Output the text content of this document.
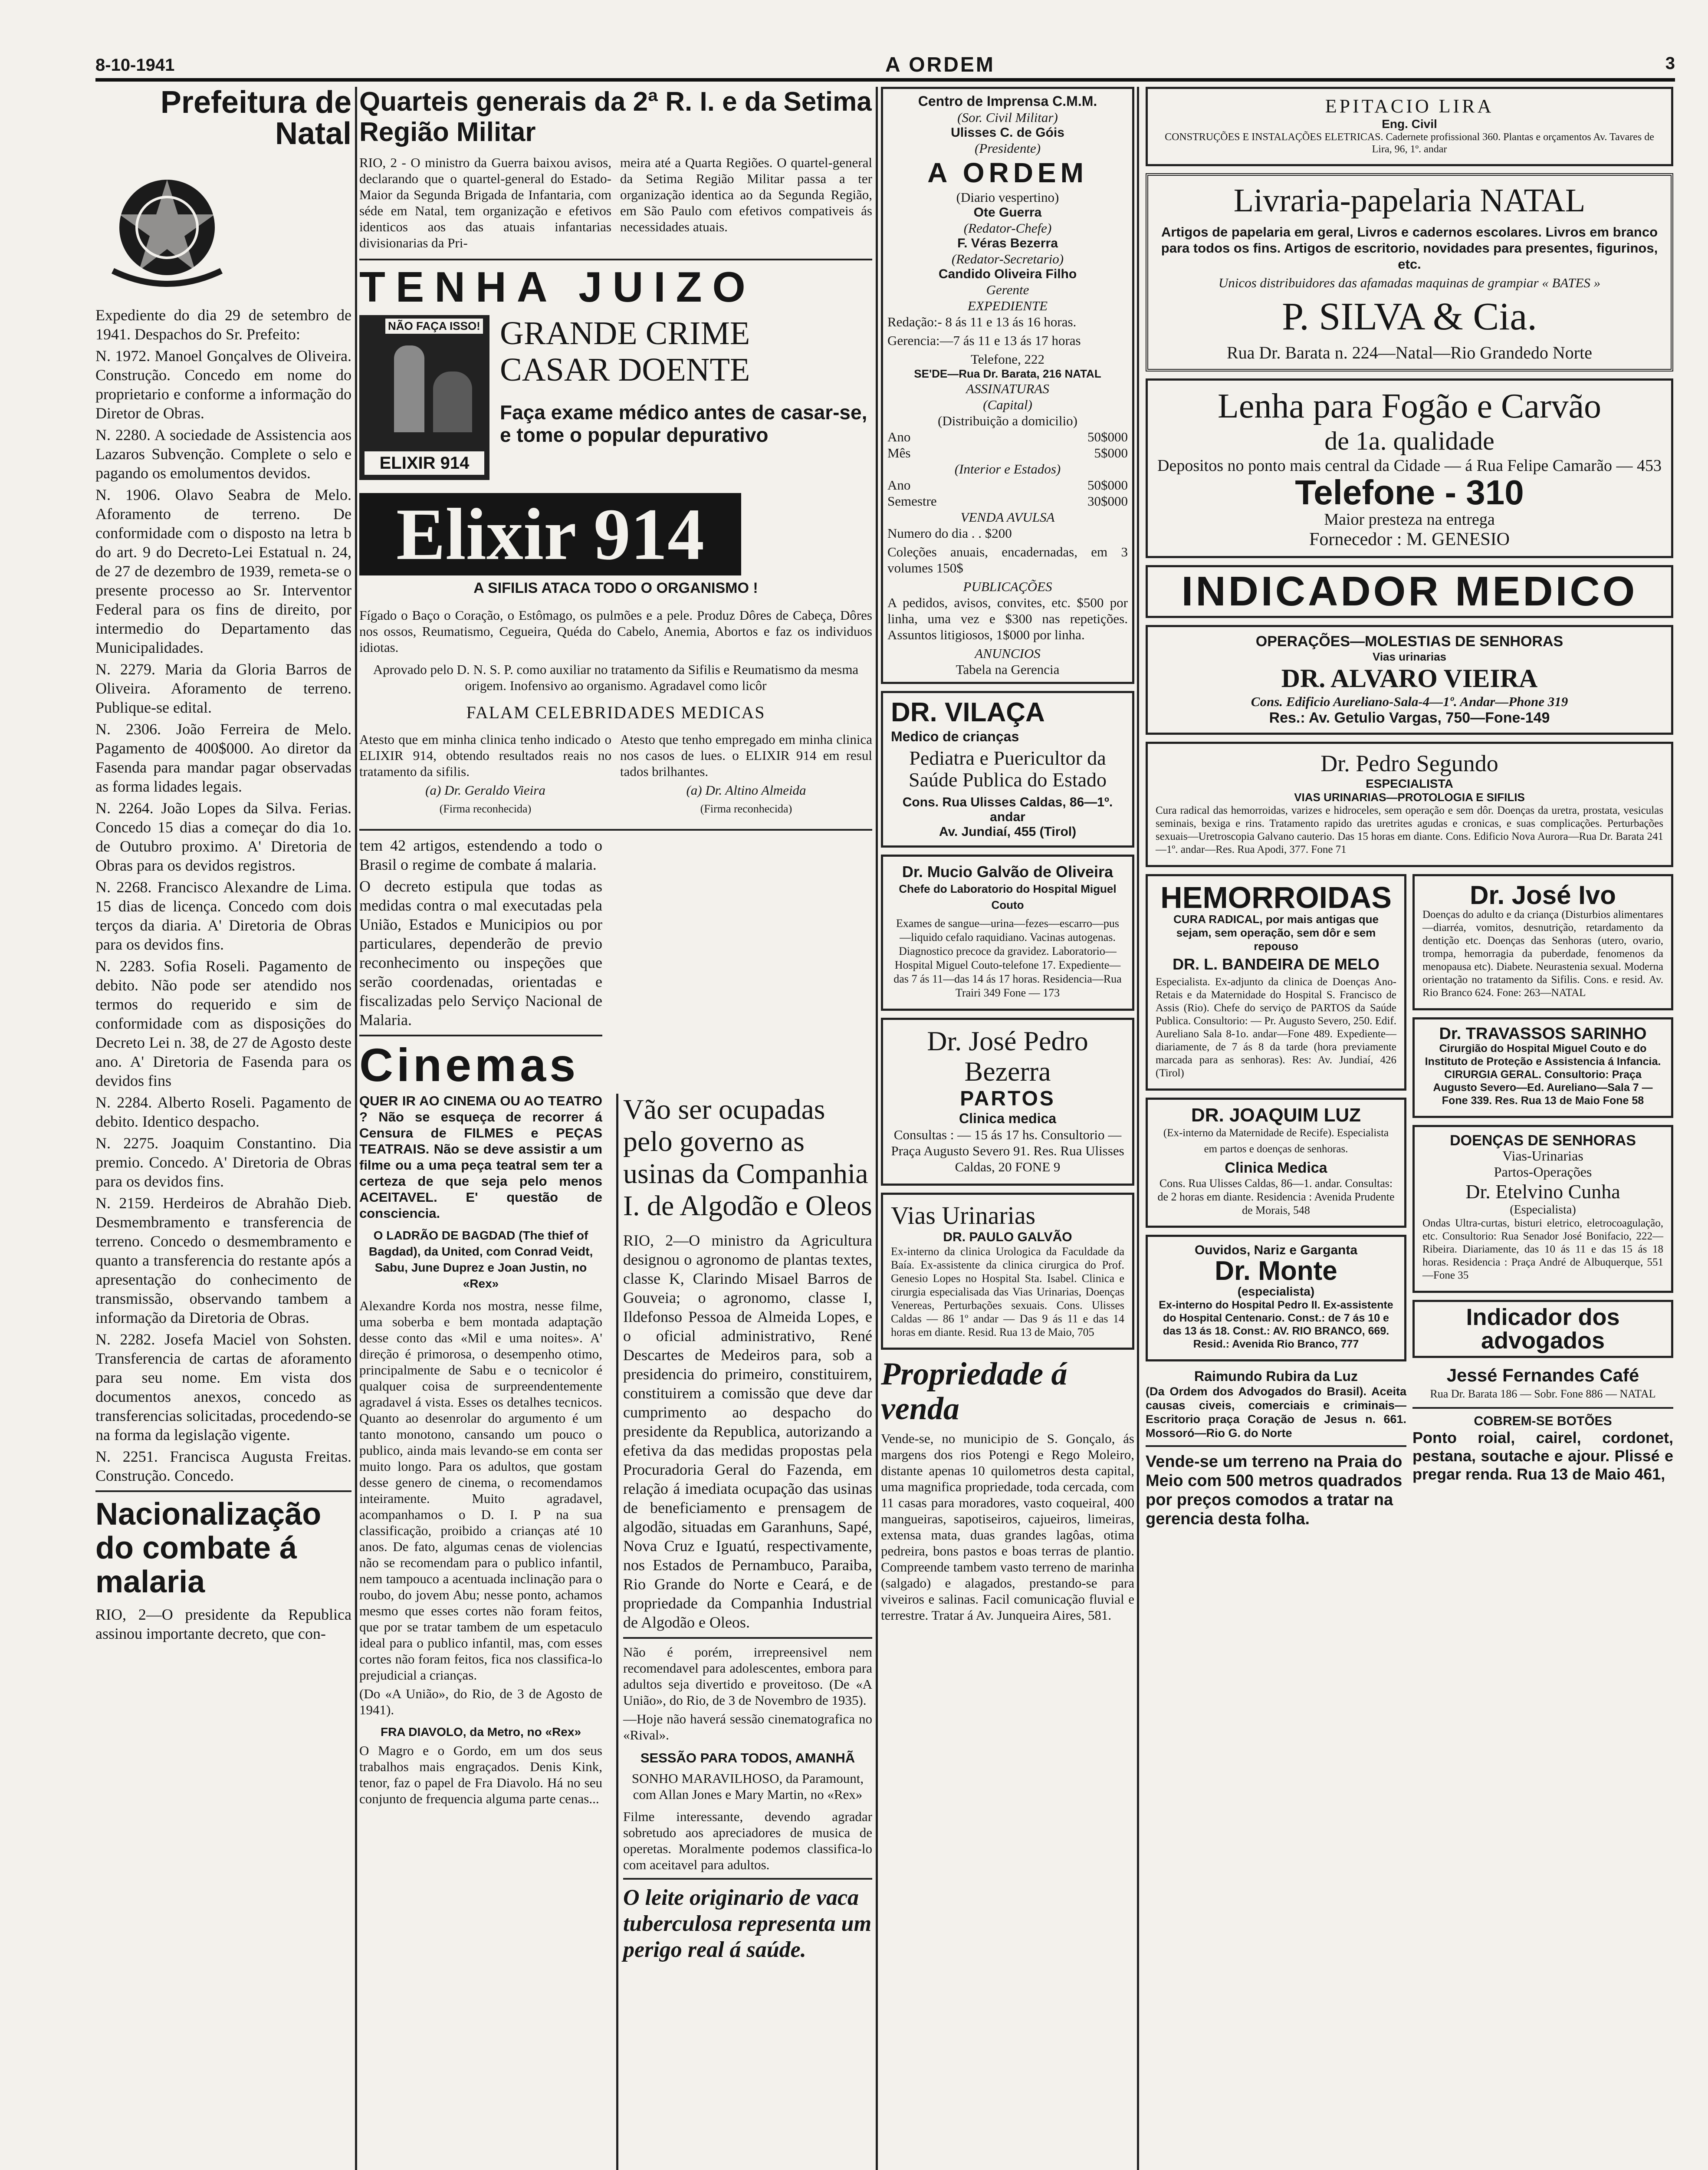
8-10-1941	A ORDEM	3
Prefeitura de Natal

Expediente do dia 29 de setembro de 1941. Despachos do Sr. Prefeito:

N. 1972. Manoel Gonçalves de Oliveira. Construção. Concedo em nome do proprietario e conforme a informação do Diretor de Obras.

N. 2280. A sociedade de Assistencia aos Lazaros Subvenção. Complete o selo e pagando os emolumentos devidos.

N. 1906. Olavo Seabra de Melo. Aforamento de terreno. De conformidade com o disposto na letra b do art. 9 do Decreto-Lei Estatual n. 24, de 27 de dezembro de 1939, remeta-se o presente processo ao Sr. Interventor Federal para os fins de direito, por intermedio do Departamento das Municipalidades.

N. 2279. Maria da Gloria Barros de Oliveira. Aforamento de terreno. Publique-se edital.

N. 2306. João Ferreira de Melo. Pagamento de 400$000. Ao diretor da Fasenda para mandar pagar observadas as forma lidades legais.

N. 2264. João Lopes da Silva. Ferias. Concedo 15 dias a começar do dia 1o. de Outubro proximo. A' Diretoria de Obras para os devidos registros.

N. 2268. Francisco Alexandre de Lima. 15 dias de licença. Concedo com dois terços da diaria. A' Diretoria de Obras para os devidos fins.

N. 2283. Sofia Roseli. Pagamento de debito. Não pode ser atendido nos termos do requerido e sim de conformidade com as disposições do Decreto Lei n. 38, de 27 de Agosto deste ano. A' Diretoria de Fasenda para os devidos fins

N. 2284. Alberto Roseli. Pagamento de debito. Identico despacho.

N. 2275. Joaquim Constantino. Dia premio. Concedo. A' Diretoria de Obras para os devidos fins.

N. 2159. Herdeiros de Abrahão Dieb. Desmembramento e transferencia de terreno. Concedo o desmembramento e quanto a transferencia do restante após a apresentação do conhecimento de transmissão, observando tambem a informação da Diretoria de Obras.

N. 2282. Josefa Maciel von Sohsten. Transferencia de cartas de aforamento para seu nome. Em vista dos documentos anexos, concedo as transferencias solicitadas, procedendo-se na forma da legislação vigente.

N. 2251. Francisca Augusta Freitas. Construção. Concedo.

Nacionalização do combate á malaria

RIO, 2—O presidente da Republica assinou importante decreto, que con-

Quarteis generais da 2ª R. I. e da Setima Região Militar

RIO, 2 - O ministro da Guerra baixou avisos, declarando que o quartel-general do Estado-Maior da Segunda Brigada de Infantaria, com séde em Natal, tem organização e efetivos identicos aos das atuais infantarias divisionarias da Pri-

meira até a Quarta Regiões. O quartel-general da Setima Região Militar passa a ter organização identica ao da Segunda Região, em São Paulo com efetivos compativeis ás necessidades atuais.

TENHA JUIZO
NÃO FAÇA ISSO!
ELIXIR 914
GRANDE CRIME
CASAR DOENTE
Faça exame médico antes de casar-se, e tome o popular depurativo
Elixir 914
A SIFILIS ATACA TODO O ORGANISMO !

Fígado o Baço o Coração, o Estômago, os pulmões e a pele. Produz Dôres de Cabeça, Dôres nos ossos, Reumatismo, Cegueira, Quéda do Cabelo, Anemia, Abortos e faz os individuos idiotas.

Aprovado pelo D. N. S. P. como auxiliar no tratamento da Sifilis e Reumatismo da mesma origem. Inofensivo ao organismo. Agradavel como licôr

FALAM CELEBRIDADES MEDICAS

Atesto que em minha clinica tenho indicado o ELIXIR 914, obtendo resultados reais no tratamento da sifilis.

(a) Dr. Geraldo Vieira

(Firma reconhecida)

Atesto que tenho empregado em minha clinica nos casos de lues. o ELIXIR 914 em resul tados brilhantes.

(a) Dr. Altino Almeida

(Firma reconhecida)

tem 42 artigos, estendendo a todo o Brasil o regime de combate á malaria.

O decreto estipula que todas as medidas contra o mal executadas pela União, Estados e Municipios ou por particulares, dependerão de previo reconhecimento ou inspeções que serão coordenadas, orientadas e fiscalizadas pelo Serviço Nacional de Malaria.

Cinemas

QUER IR AO CINEMA OU AO TEATRO ? Não se esqueça de recorrer á Censura de FILMES e PEÇAS TEATRAIS. Não se deve assistir a um filme ou a uma peça teatral sem ter a certeza de que seja pelo menos ACEITAVEL. E' questão de consciencia.

O LADRÃO DE BAGDAD (The thief of Bagdad), da United, com Conrad Veidt, Sabu, June Duprez e Joan Justin, no «Rex»

Alexandre Korda nos mostra, nesse filme, uma soberba e bem montada adaptação desse conto das «Mil e uma noites». A' direção é primorosa, o desempenho otimo, principalmente de Sabu e o tecnicolor é qualquer coisa de surpreendentemente agradavel á vista. Esses os detalhes tecnicos. Quanto ao desenrolar do argumento é um tanto monotono, cansando um pouco o publico, ainda mais levando-se em conta ser muito longo. Para os adultos, que gostam desse genero de cinema, o recomendamos inteiramente. Muito agradavel, acompanhamos o D. I. P na sua classificação, proibido a crianças até 10 anos. De fato, algumas cenas de violencias não se recomendam para o publico infantil, nem tampouco a acentuada inclinação para o roubo, do jovem Abu; nesse ponto, achamos mesmo que esses cortes não foram feitos, que por se tratar tambem de um espetaculo ideal para o publico infantil, mas, com esses cortes não foram feitos, fica nos classifica-lo prejudicial a crianças.

(Do «A União», do Rio, de 3 de Agosto de 1941).

FRA DIAVOLO, da Metro, no «Rex»

O Magro e o Gordo, em um dos seus trabalhos mais engraçados. Denis Kink, tenor, faz o papel de Fra Diavolo. Há no seu conjunto de frequencia alguma parte cenas...

Vão ser ocupadas pelo governo as usinas da Companhia I. de Algodão e Oleos

RIO, 2—O ministro da Agricultura designou o agronomo de plantas textes, classe K, Clarindo Misael Barros de Gouveia; o agronomo, classe I, Ildefonso Pessoa de Almeida Lopes, e o oficial administrativo, René Descartes de Medeiros para, sob a presidencia do primeiro, constituirem, constituirem a comissão que deve dar cumprimento ao despacho do presidente da Republica, autorizando a efetiva da das medidas propostas pela Procuradoria Geral do Fazenda, em relação á imediata ocupação das usinas de beneficiamento e prensagem de algodão, situadas em Garanhuns, Sapé, Nova Cruz e Iguatú, respectivamente, nos Estados de Pernambuco, Paraiba, Rio Grande do Norte e Ceará, e de propriedade da Companhia Industrial de Algodão e Oleos.

Não é porém, irrepreensivel nem recomendavel para adolescentes, embora para adultos seja divertido e proveitoso. (De «A União», do Rio, de 3 de Novembro de 1935).

—Hoje não haverá sessão cinematografica no «Rival».

SESSÃO PARA TODOS, AMANHÃ

SONHO MARAVILHOSO, da Paramount, com Allan Jones e Mary Martin, no «Rex»

Filme interessante, devendo agradar sobretudo aos apreciadores de musica de operetas. Moralmente podemos classifica-lo com aceitavel para adultos.

O leite originario de vaca tuberculosa representa um perigo real á saúde.
Centro de Imprensa C.M.M.
(Sor. Civil Militar)
Ulisses C. de Góis
(Presidente)
A ORDEM
(Diario vespertino)
Ote Guerra
(Redator-Chefe)
F. Véras Bezerra
(Redator-Secretario)
Candido Oliveira Filho
Gerente
EXPEDIENTE

Redação:- 8 ás 11 e 13 ás 16 horas.

Gerencia:—7 ás 11 e 13 ás 17 horas

Telefone, 222
SE'DE—Rua Dr. Barata, 216 NATAL
ASSINATURAS
(Capital)
(Distribuição a domicilio)
Ano	50$000
Mês	5$000
(Interior e Estados)
Ano	50$000
Semestre	30$000
VENDA AVULSA

Numero do dia . . $200

Coleções anuais, encadernadas, em 3 volumes 150$

PUBLICAÇÕES

A pedidos, avisos, convites, etc. $500 por linha, uma vez e $300 nas repetições. Assuntos litigiosos, 1$000 por linha.

ANUNCIOS
Tabela na Gerencia
DR. VILAÇA
Medico de crianças
Pediatra e Puericultor da Saúde Publica do Estado
Cons. Rua Ulisses Caldas, 86—1º. andar
Av. Jundiaí, 455 (Tirol)
Dr. Mucio Galvão de Oliveira
Chefe do Laboratorio do Hospital Miguel Couto

Exames de sangue—urina—fezes—escarro—pus—liquido cefalo raquidiano. Vacinas autogenas. Diagnostico precoce da gravidez. Laboratorio—Hospital Miguel Couto-telefone 17. Expediente—das 7 ás 11—das 14 ás 17 horas. Residencia—Rua Trairi 349 Fone — 173

Dr. José Pedro Bezerra
PARTOS
Clinica medica

Consultas : — 15 ás 17 hs. Consultorio — Praça Augusto Severo 91. Res. Rua Ulisses Caldas, 20 FONE 9

Vias Urinarias
DR. PAULO GALVÃO

Ex-interno da clinica Urologica da Faculdade da Baía. Ex-assistente da clinica cirurgica do Prof. Genesio Lopes no Hospital Sta. Isabel. Clinica e cirurgia especialisada das Vias Urinarias, Doenças Venereas, Perturbações sexuais. Cons. Ulisses Caldas — 86 1º andar — Das 9 ás 11 e das 14 horas em diante. Resid. Rua 13 de Maio, 705

Propriedade á venda

Vende-se, no municipio de S. Gonçalo, ás margens dos rios Potengi e Rego Moleiro, distante apenas 10 quilometros desta capital, uma magnifica propriedade, toda cercada, com 11 casas para moradores, vasto coqueiral, 400 mangueiras, sapotiseiros, cajueiros, limeiras, extensa mata, duas grandes lagôas, otima pedreira, bons pastos e boas terras de plantio. Compreende tambem vasto terreno de marinha (salgado) e alagados, prestando-se para viveiros e salinas. Facil comunicação fluvial e terrestre. Tratar á Av. Junqueira Aires, 581.

EPITACIO LIRA
Eng. Civil

CONSTRUÇÕES E INSTALAÇÕES ELETRICAS. Cadernete profissional 360. Plantas e orçamentos Av. Tavares de Lira, 96, 1º. andar

Livraria-papelaria NATAL

Artigos de papelaria em geral, Livros e cadernos escolares. Livros em branco para todos os fins. Artigos de escritorio, novidades para presentes, figurinos, etc.

Unicos distribuidores das afamadas maquinas de grampiar « BATES »

P. SILVA & Cia.
Rua Dr. Barata n. 224—Natal—Rio Grandedo Norte
Lenha para Fogão e Carvão
de 1a. qualidade
Depositos no ponto mais central da Cidade — á Rua Felipe Camarão — 453
Telefone - 310
Maior presteza na entrega
Fornecedor : M. GENESIO
INDICADOR MEDICO
OPERAÇÕES—MOLESTIAS DE SENHORAS
Vias urinarias
DR. ALVARO VIEIRA
Cons. Edificio Aureliano-Sala-4—1º. Andar—Phone 319
Res.: Av. Getulio Vargas, 750—Fone-149
Dr. Pedro Segundo
ESPECIALISTA
VIAS URINARIAS—PROTOLOGIA E SIFILIS

Cura radical das hemorroidas, varizes e hidroceles, sem operação e sem dôr. Doenças da uretra, prostata, vesiculas seminais, bexiga e rins. Tratamento rapido das uretrites agudas e cronicas, e suas complicações. Perturbações sexuais—Uretroscopia Galvano cauterio. Das 15 horas em diante. Cons. Edificio Nova Aurora—Rua Dr. Barata 241—1º. andar—Res. Rua Apodi, 377. Fone 71

HEMORROIDAS

CURA RADICAL, por mais antigas que sejam, sem operação, sem dôr e sem repouso

DR. L. BANDEIRA DE MELO

Especialista. Ex-adjunto da clinica de Doenças Ano-Retais e da Maternidade do Hospital S. Francisco de Assis (Rio). Chefe do serviço de PARTOS da Saúde Publica. Consultorio: — Pr. Augusto Severo, 250. Edif. Aureliano Sala 8-1o. andar—Fone 489. Expediente—diariamente, de 7 ás 8 da tarde (hora previamente marcada para as senhoras). Res: Av. Jundiaí, 426 (Tirol)

DR. JOAQUIM LUZ

(Ex-interno da Maternidade de Recife). Especialista em partos e doenças de senhoras.

Clinica Medica

Cons. Rua Ulisses Caldas, 86—1. andar. Consultas: de 2 horas em diante. Residencia : Avenida Prudente de Morais, 548

Ouvidos, Nariz e Garganta
Dr. Monte
(especialista)

Ex-interno do Hospital Pedro II. Ex-assistente do Hospital Centenario. Const.: de 7 ás 10 e das 13 ás 18. Const.: AV. RIO BRANCO, 669. Resid.: Avenida Rio Branco, 777

Raimundo Rubira da Luz

(Da Ordem dos Advogados do Brasil). Aceita causas civeis, comerciais e criminais—Escritorio praça Coração de Jesus n. 661. Mossoró—Rio G. do Norte

Vende-se um terreno na Praia do Meio com 500 metros quadrados por preços comodos a tratar na gerencia desta folha.
Dr. José Ivo

Doenças do adulto e da criança (Disturbios alimentares—diarréa, vomitos, desnutrição, retardamento da dentição etc. Doenças das Senhoras (utero, ovario, trompa, hemorragia da puberdade, fenomenos da menopausa etc). Diabete. Neurastenia sexual. Moderna orientação no tratamento da Sifilis. Cons. e resid. Av. Rio Branco 624. Fone: 263—NATAL

Dr. TRAVASSOS SARINHO

Cirurgião do Hospital Miguel Couto e do Instituto de Proteção e Assistencia á Infancia. CIRURGIA GERAL. Consultorio: Praça Augusto Severo—Ed. Aureliano—Sala 7 — Fone 339. Res. Rua 13 de Maio Fone 58

DOENÇAS DE SENHORAS
Vias-Urinarias
Partos-Operações
Dr. Etelvino Cunha
(Especialista)

Ondas Ultra-curtas, bisturi eletrico, eletrocoagulação, etc. Consultorio: Rua Senador José Bonifacio, 222—Ribeira. Diariamente, das 10 ás 11 e das 15 ás 18 horas. Residencia : Praça André de Albuquerque, 551—Fone 35

Indicador dos advogados
Jessé Fernandes Café

Rua Dr. Barata 186 — Sobr. Fone 886 — NATAL

COBREM-SE BOTÕES

Ponto roial, cairel, cordonet, pestana, soutache e ajour. Plissé e pregar renda. Rua 13 de Maio 461,
